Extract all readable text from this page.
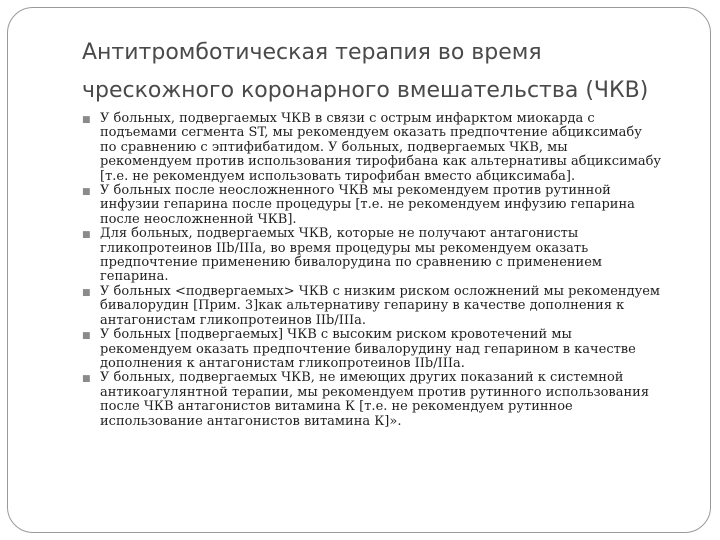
Антитромботическая терапия во время чрескожного коронарного вмешательства (ЧКВ)
■ У больных, подвергаемых ЧКВ в связи с острым инфарктом миокарда с подъемами сегмента ST, мы рекомендуем оказать предпочтение абциксимабу по сравнению с эптифибатидом. У больных, подвергаемых ЧКВ, мы рекомендуем против использования тирофибана как альтернативы абциксимабу [т.е. не рекомендуем использовать тирофибан вместо абциксимаба].
■ У больных после неосложненного ЧКВ мы рекомендуем против рутинной инфузии гепарина после процедуры [т.е. не рекомендуем инфузию гепарина после неосложненной ЧКВ].
■ Для больных, подвергаемых ЧКВ, которые не получают антагонисты гликопротеинов IIb/IIIa, во время процедуры мы рекомендуем оказать предпочтение применению бивалорудина по сравнению с применением гепарина.
■ У больных <подвергаемых> ЧКВ с низким риском осложнений мы рекомендуем бивалорудин [Прим. 3]как альтернативу гепарину в качестве дополнения к антагонистам гликопротеинов IIb/IIIa.
■ У больных [подвергаемых] ЧКВ с высоким риском кровотечений мы рекомендуем оказать предпочтение бивалорудину над гепарином в качестве дополнения к антагонистам гликопротеинов IIb/IIIa.
■ У больных, подвергаемых ЧКВ, не имеющих других показаний к системной антикоагулянтной терапии, мы рекомендуем против рутинного использования после ЧКВ антагонистов витамина К [т.е. не рекомендуем рутинное использование антагонистов витамина К]».
